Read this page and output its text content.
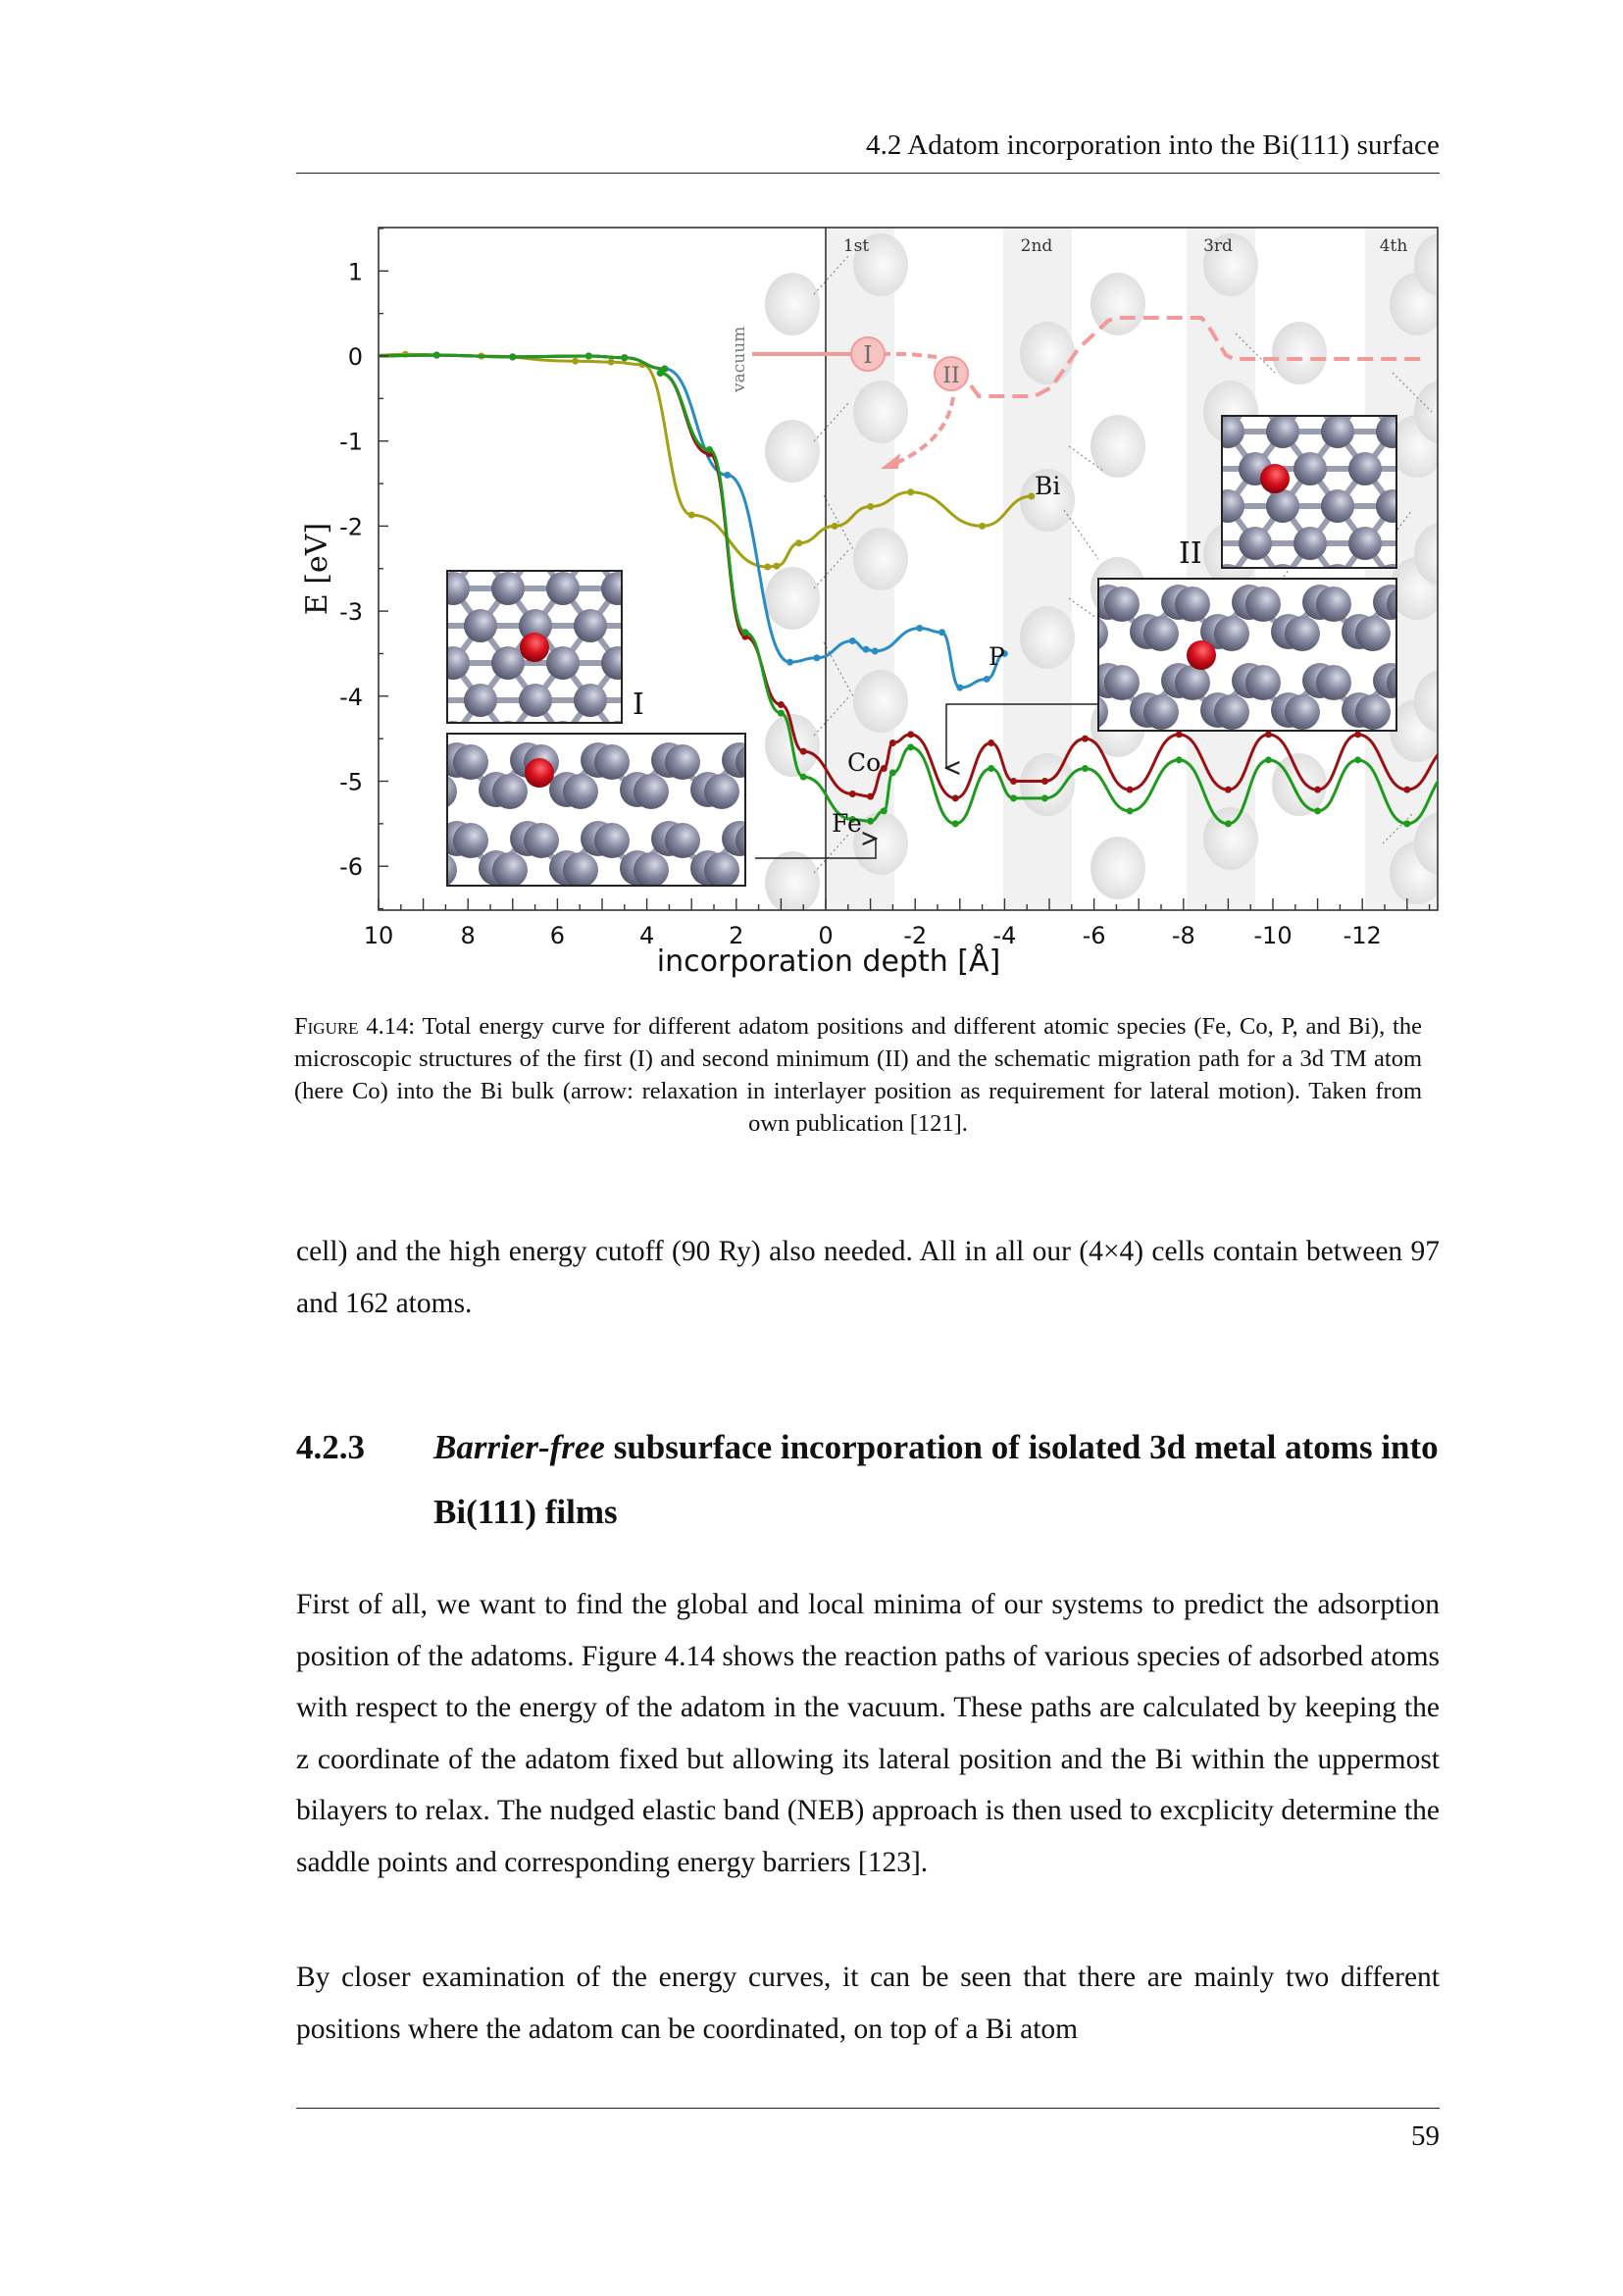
4.2 Adatom incorporation into the Bi(111) surface
I
II
vacuum
1st	2nd	3rd	4th
I
II
Bi
P
Co
Fe
10	8	6	4	2	0	-2	-4	-6	-8 -10 -12
1
0
-1
-2
-3
-4
-5
-6
incorporation depth [Å]
E [eV]
Figure 4.14: Total energy curve for different adatom positions and different atomic species (Fe, Co, P, and Bi), the microscopic structures of the first (I) and second minimum (II) and the schematic migration path for a 3d TM atom (here Co) into the Bi bulk (arrow: relaxation in interlayer position as requirement for lateral motion). Taken from own publication [121].
cell) and the high energy cutoff (90 Ry) also needed. All in all our (4×4) cells contain between 97 and 162 atoms.
4.2.3 Barrier-free subsurface incorporation of isolated 3d metal atoms into Bi(111) films
First of all, we want to find the global and local minima of our systems to predict the adsorption position of the adatoms. Figure 4.14 shows the reaction paths of various species of adsorbed atoms with respect to the energy of the adatom in the vacuum. These paths are calculated by keeping the z coordinate of the adatom fixed but allowing its lateral position and the Bi within the uppermost bilayers to relax. The nudged elastic band (NEB) approach is then used to excplicity determine the saddle points and corresponding energy barriers [123].
By closer examination of the energy curves, it can be seen that there are mainly two different positions where the adatom can be coordinated, on top of a Bi atom
59
